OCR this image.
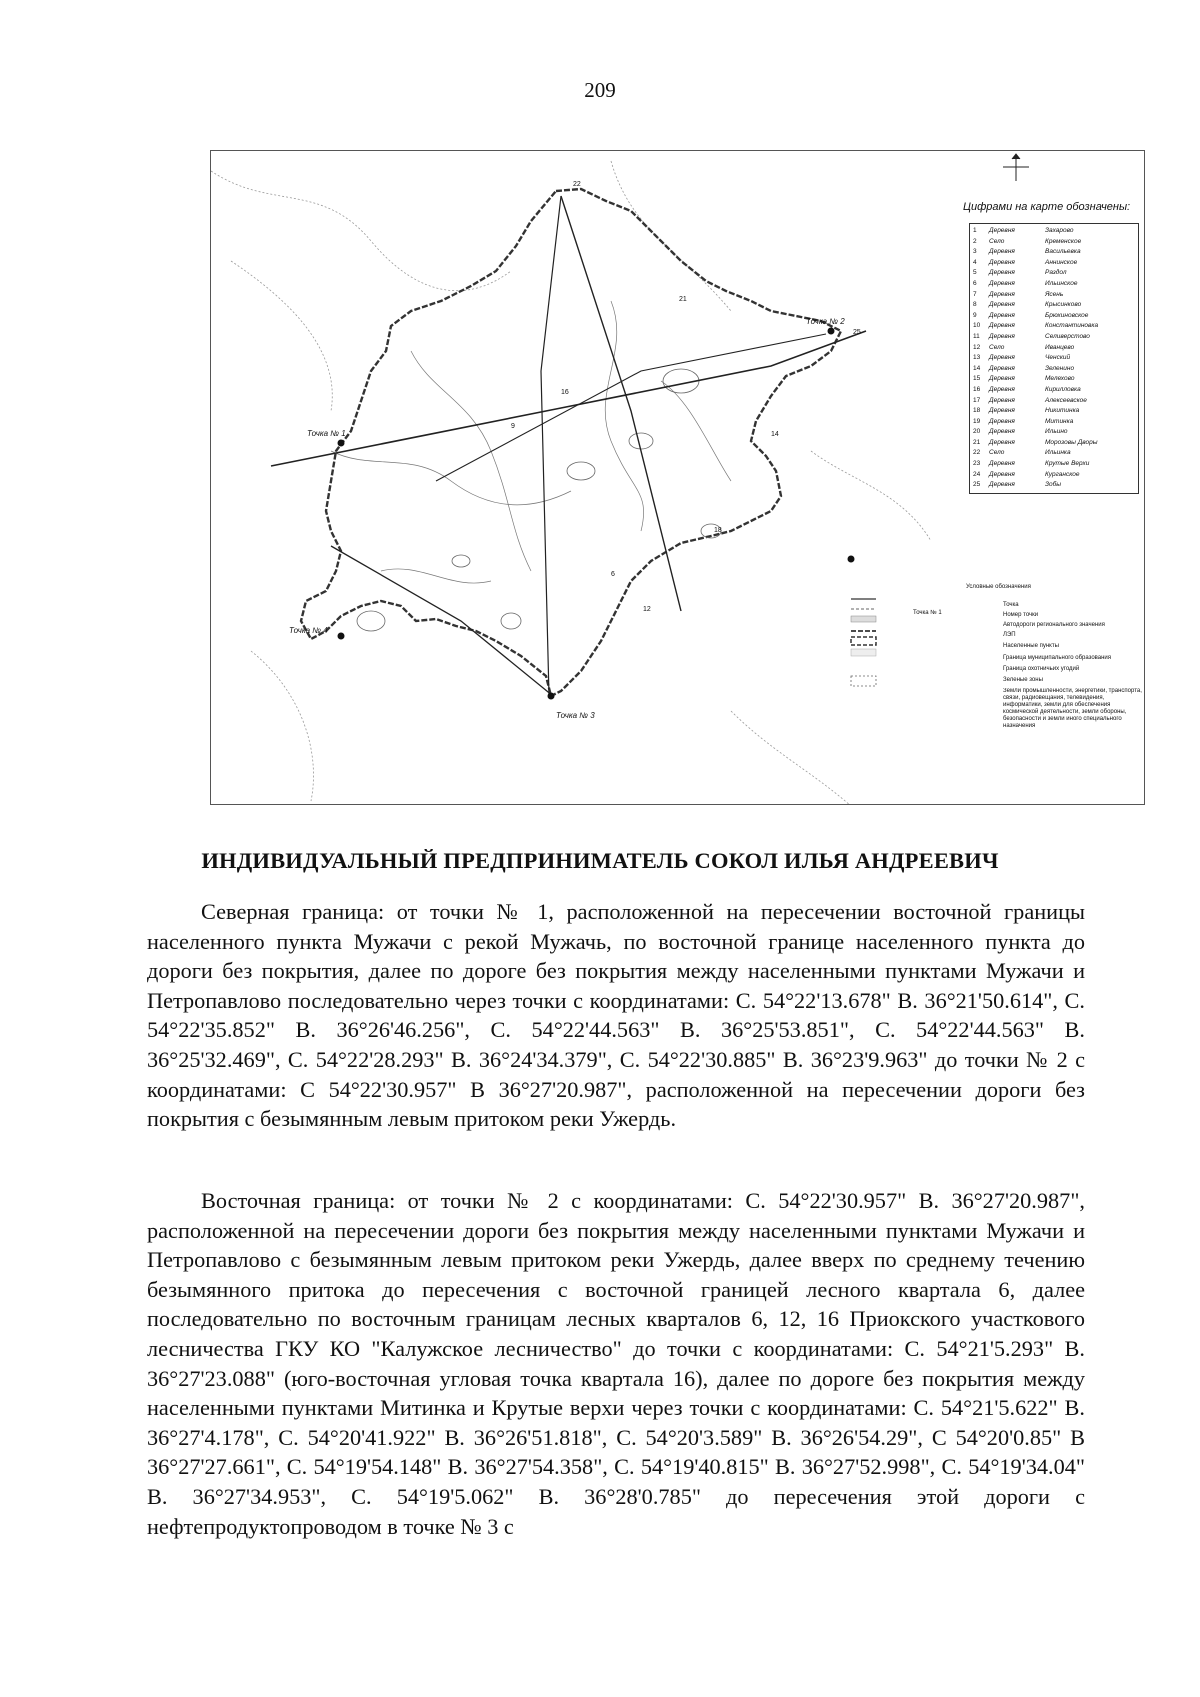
209
Точка № 1
Точка № 2
Точка № 3
Точка № 4
22
21
16
14
18
12
6
9
25
Цифрами на карте обозначены:
1	Деревня	Захарово
2	Село	Кременское
3	Деревня	Васильевка
4	Деревня	Аннинское
5	Деревня	Раздол
6	Деревня	Ильинское
7	Деревня	Ясень
8	Деревня	Крысинково
9	Деревня	Брюхиновское
10	Деревня	Константиновка
11	Деревня	Селиверстово
12	Село	Иванцево
13	Деревня	Ченский
14	Деревня	Зеленино
15	Деревня	Мелехово
16	Деревня	Кирилловка
17	Деревня	Алексеевское
18	Деревня	Никитинка
19	Деревня	Митинка
20	Деревня	Ильино
21	Деревня	Морозовы Дворы
22	Село	Ильинка
23	Деревня	Крутые Верхи
24	Деревня	Курганское
25	Деревня	Зобы
Условные обозначения
Точка
Точка № 1	Номер точки
Автодороги регионального значения
ЛЭП
Населенные пункты
Граница муниципального образования
Граница охотничьих угодий
Зеленые зоны
Земли промышленности, энергетики, транспорта, связи, радиовещания, телевидения, информатики, земли для обеспечения космической деятельности, земли обороны, безопасности и земли иного специального назначения
ИНДИВИДУАЛЬНЫЙ ПРЕДПРИНИМАТЕЛЬ СОКОЛ ИЛЬЯ АНДРЕЕВИЧ

Северная граница: от точки № 1, расположенной на пересечении восточной границы населенного пункта Мужачи с рекой Мужачь, по восточной границе населенного пункта до дороги без покрытия, далее по дороге без покрытия между населенными пунктами Мужачи и Петропавлово последовательно через точки с координатами: С. 54°22'13.678" В. 36°21'50.614", С. 54°22'35.852" В. 36°26'46.256", С. 54°22'44.563" В. 36°25'53.851", С. 54°22'44.563" В. 36°25'32.469", С. 54°22'28.293" В. 36°24'34.379", С. 54°22'30.885" В. 36°23'9.963" до точки № 2 с координатами: С 54°22'30.957" В 36°27'20.987", расположенной на пересечении дороги без покрытия с безымянным левым притоком реки Ужердь.

Восточная граница: от точки № 2 с координатами: С. 54°22'30.957" В. 36°27'20.987", расположенной на пересечении дороги без покрытия между населенными пунктами Мужачи и Петропавлово с безымянным левым притоком реки Ужердь, далее вверх по среднему течению безымянного притока до пересечения с восточной границей лесного квартала 6, далее последовательно по восточным границам лесных кварталов 6, 12, 16 Приокского участкового лесничества ГКУ КО "Калужское лесничество" до точки с координатами: С. 54°21'5.293" В. 36°27'23.088" (юго-восточная угловая точка квартала 16), далее по дороге без покрытия между населенными пунктами Митинка и Крутые верхи через точки с координатами: С. 54°21'5.622" В. 36°27'4.178", С. 54°20'41.922" В. 36°26'51.818", С. 54°20'3.589" В. 36°26'54.29", С 54°20'0.85" В 36°27'27.661", С. 54°19'54.148" В. 36°27'54.358", С. 54°19'40.815" В. 36°27'52.998", С. 54°19'34.04" В. 36°27'34.953", С. 54°19'5.062" В. 36°28'0.785" до пересечения этой дороги с нефтепродуктопроводом в точке № 3 с
